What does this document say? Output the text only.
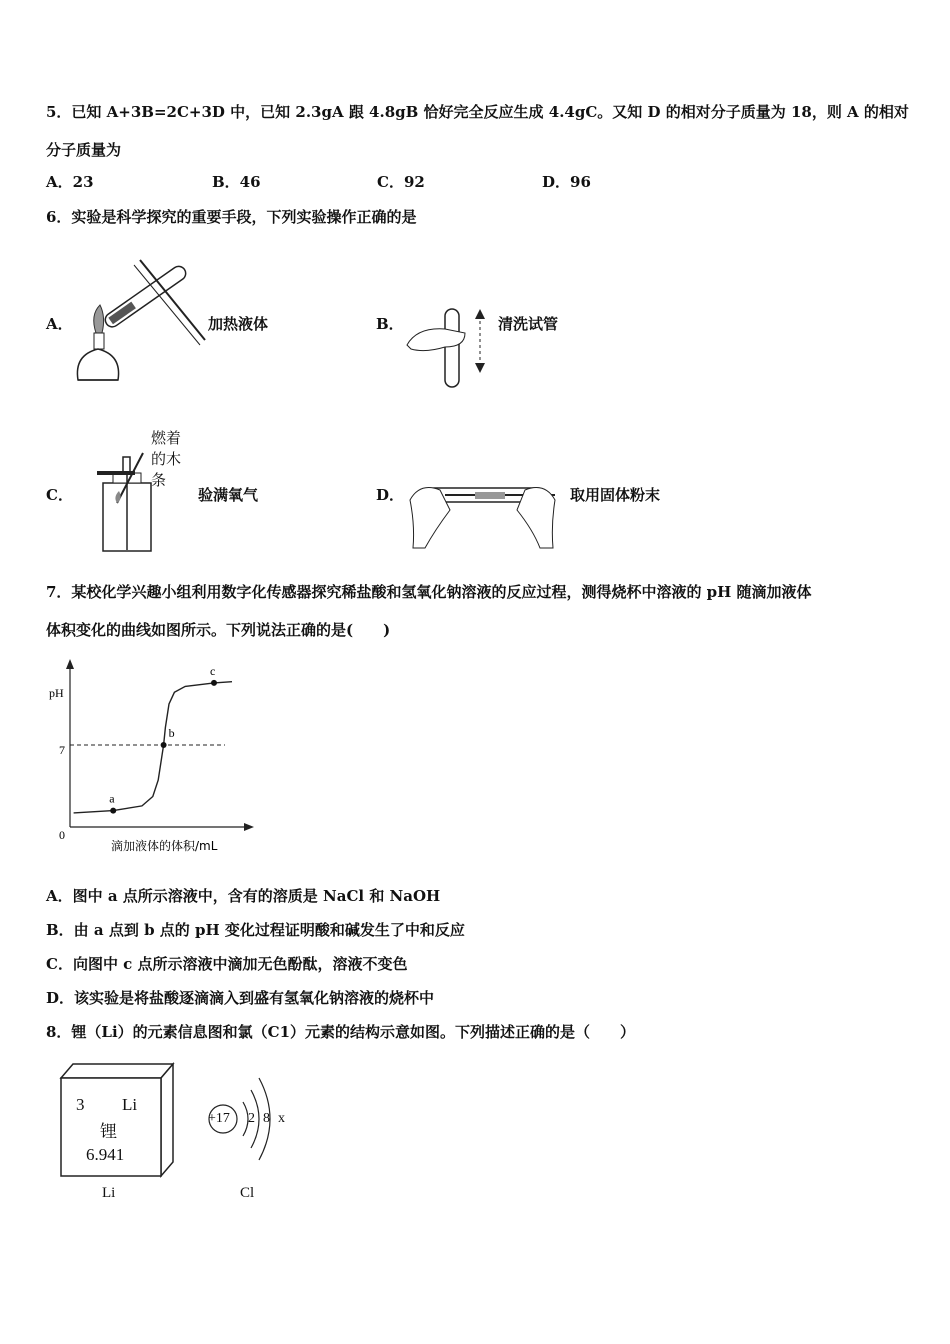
5．已知 A+3B=2C+3D 中，已知 2.3gA 跟 4.8gB 恰好完全反应生成 4.4gC。又知 D 的相对分子质量为 18，则 A 的相对
分子质量为
A．23	B．46	C．92	D．96
6．实验是科学探究的重要手段，下列实验操作正确的是
A．	加热液体	B．	清洗试管
C．
燃着
的木
条
验满氧气	D．	取用固体粉末
7．某校化学兴趣小组利用数字化传感器探究稀盐酸和氢氧化钠溶液的反应过程，测得烧杯中溶液的 pH 随滴加液体
体积变化的曲线如图所示。下列说法正确的是(　　)
pH
0
7
滴加液体的体积/mL
a
b
c
A．图中 a 点所示溶液中，含有的溶质是 NaCl 和 NaOH
B．由 a 点到 b 点的 pH 变化过程证明酸和碱发生了中和反应
C．向图中 c 点所示溶液中滴加无色酚酞，溶液不变色
D．该实验是将盐酸逐滴滴入到盛有氢氧化钠溶液的烧杯中
8．锂（Li）的元素信息图和氯（C1）元素的结构示意如图。下列描述正确的是（　　）
3 Li
锂
6.941
Li
+17 2 8 x
Cl
